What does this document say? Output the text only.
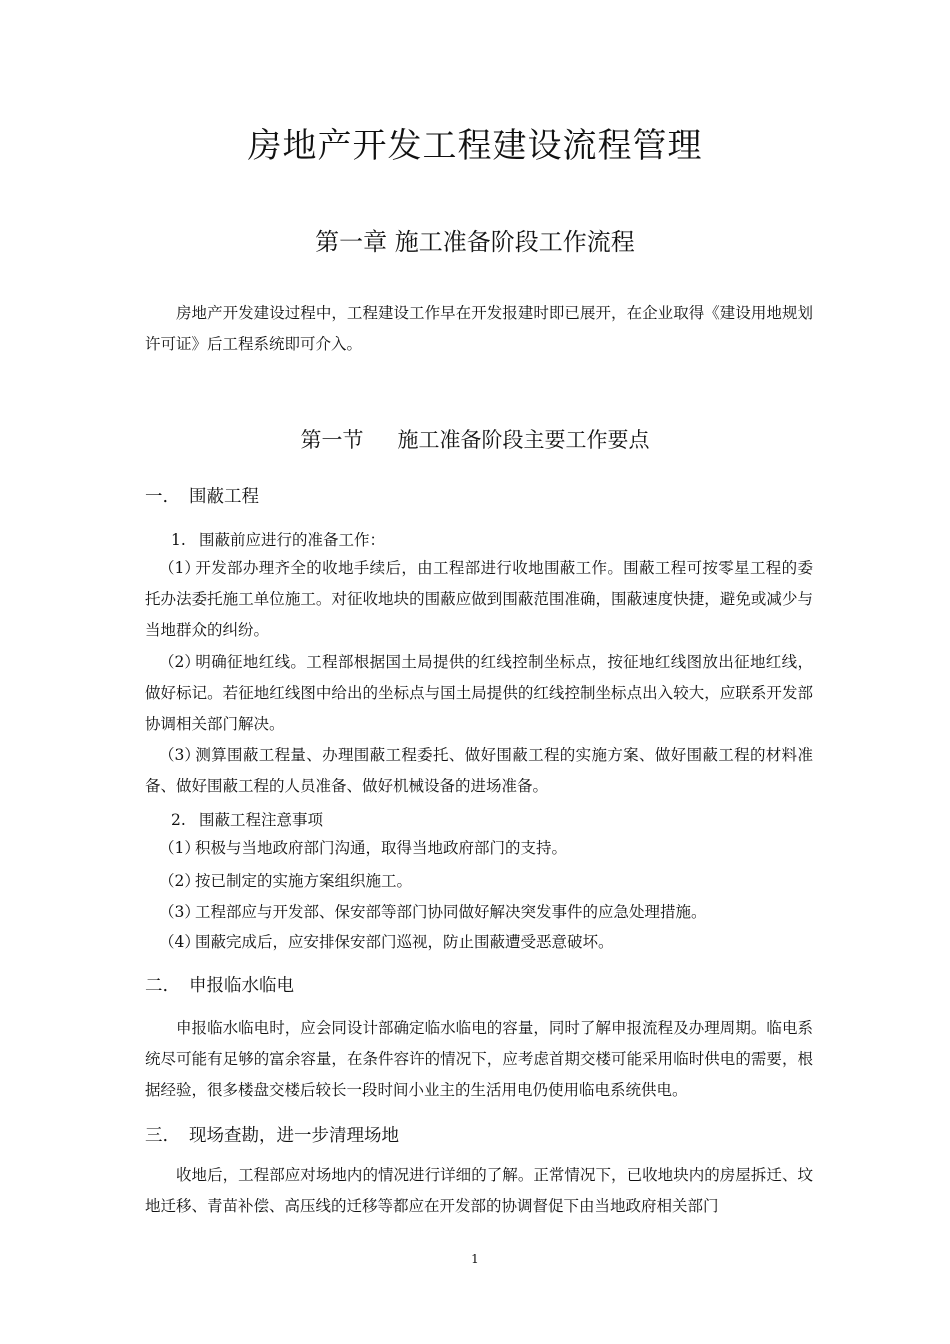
房地产开发工程建设流程管理
第一章 施工准备阶段工作流程
房地产开发建设过程中，工程建设工作早在开发报建时即已展开，在企业取得《建设用地规划许可证》后工程系统即可介入。
第一节 施工准备阶段主要工作要点
一. 围蔽工程
1. 围蔽前应进行的准备工作：
（1）开发部办理齐全的收地手续后，由工程部进行收地围蔽工作。围蔽工程可按零星工程的委托办法委托施工单位施工。对征收地块的围蔽应做到围蔽范围准确，围蔽速度快捷，避免或减少与当地群众的纠纷。
（2）明确征地红线。工程部根据国土局提供的红线控制坐标点，按征地红线图放出征地红线，做好标记。若征地红线图中给出的坐标点与国土局提供的红线控制坐标点出入较大，应联系开发部协调相关部门解决。
（3）测算围蔽工程量、办理围蔽工程委托、做好围蔽工程的实施方案、做好围蔽工程的材料准备、做好围蔽工程的人员准备、做好机械设备的进场准备。
2. 围蔽工程注意事项
（1）积极与当地政府部门沟通，取得当地政府部门的支持。
（2）按已制定的实施方案组织施工。
（3）工程部应与开发部、保安部等部门协同做好解决突发事件的应急处理措施。
（4）围蔽完成后，应安排保安部门巡视，防止围蔽遭受恶意破坏。
二. 申报临水临电
申报临水临电时，应会同设计部确定临水临电的容量，同时了解申报流程及办理周期。临电系统尽可能有足够的富余容量，在条件容许的情况下，应考虑首期交楼可能采用临时供电的需要，根据经验，很多楼盘交楼后较长一段时间小业主的生活用电仍使用临电系统供电。
三. 现场查勘，进一步清理场地
收地后，工程部应对场地内的情况进行详细的了解。正常情况下，已收地块内的房屋拆迁、坟地迁移、青苗补偿、高压线的迁移等都应在开发部的协调督促下由当地政府相关部门
1
